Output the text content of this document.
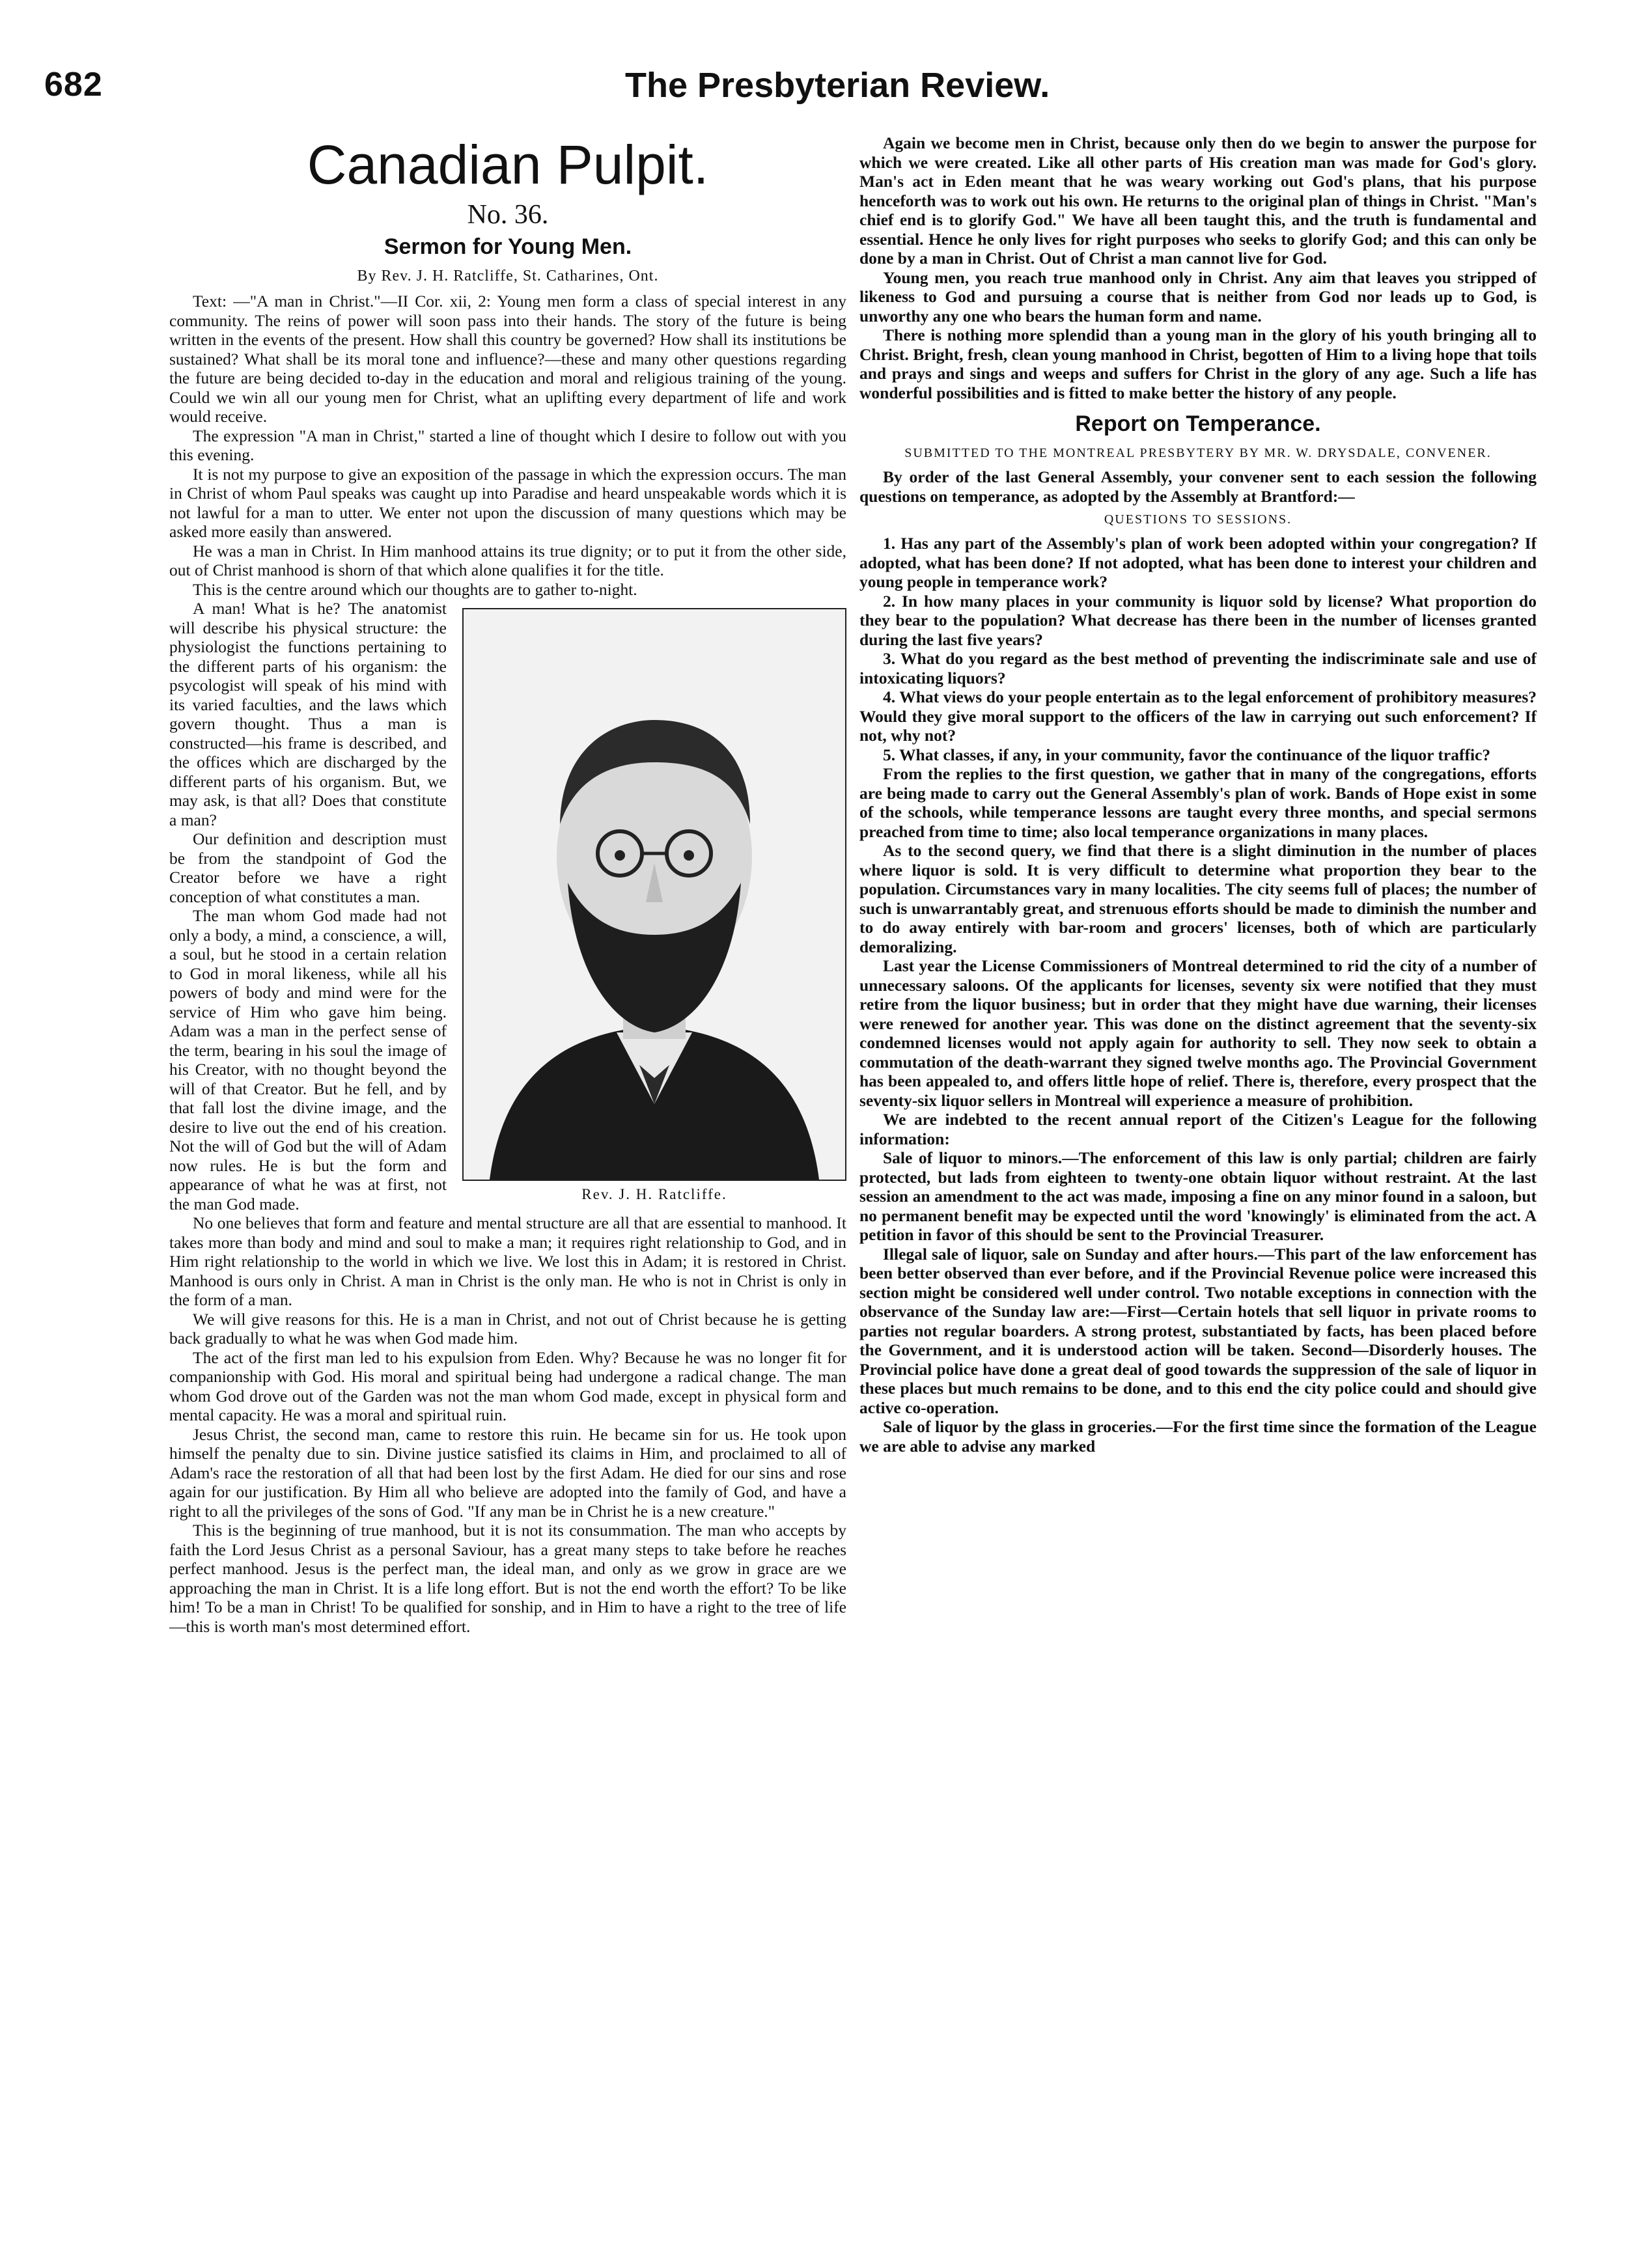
682	The Presbyterian Review.
Canadian Pulpit.
No. 36.
Sermon for Young Men.
By Rev. J. H. Ratcliffe, St. Catharines, Ont.

Text: —"A man in Christ."—II Cor. xii, 2: Young men form a class of special interest in any community. The reins of power will soon pass into their hands. The story of the future is being written in the events of the present. How shall this country be governed? How shall its institutions be sustained? What shall be its moral tone and influence?—these and many other questions regarding the future are being decided to-day in the education and moral and religious training of the young. Could we win all our young men for Christ, what an uplifting every department of life and work would receive.

The expression "A man in Christ," started a line of thought which I desire to follow out with you this evening.

It is not my purpose to give an exposition of the passage in which the expression occurs. The man in Christ of whom Paul speaks was caught up into Paradise and heard unspeakable words which it is not lawful for a man to utter. We enter not upon the discussion of many questions which may be asked more easily than answered.

He was a man in Christ. In Him manhood attains its true dignity; or to put it from the other side, out of Christ manhood is shorn of that which alone qualifies it for the title.

This is the centre around which our thoughts are to gather to-night.

Rev. J. H. Ratcliffe.

A man! What is he? The anatomist will describe his physical structure: the physiologist the functions pertaining to the different parts of his organism: the psycologist will speak of his mind with its varied faculties, and the laws which govern thought. Thus a man is constructed—his frame is described, and the offices which are discharged by the different parts of his organism. But, we may ask, is that all? Does that constitute a man?

Our definition and description must be from the standpoint of God the Creator before we have a right conception of what constitutes a man.

The man whom God made had not only a body, a mind, a conscience, a will, a soul, but he stood in a certain relation to God in moral likeness, while all his powers of body and mind were for the service of Him who gave him being. Adam was a man in the perfect sense of the term, bearing in his soul the image of his Creator, with no thought beyond the will of that Creator. But he fell, and by that fall lost the divine image, and the desire to live out the end of his creation. Not the will of God but the will of Adam now rules. He is but the form and appearance of what he was at first, not the man God made.

No one believes that form and feature and mental structure are all that are essential to manhood. It takes more than body and mind and soul to make a man; it requires right relationship to God, and in Him right relationship to the world in which we live. We lost this in Adam; it is restored in Christ. Manhood is ours only in Christ. A man in Christ is the only man. He who is not in Christ is only in the form of a man.

We will give reasons for this. He is a man in Christ, and not out of Christ because he is getting back gradually to what he was when God made him.

The act of the first man led to his expulsion from Eden. Why? Because he was no longer fit for companionship with God. His moral and spiritual being had undergone a radical change. The man whom God drove out of the Garden was not the man whom God made, except in physical form and mental capacity. He was a moral and spiritual ruin.

Jesus Christ, the second man, came to restore this ruin. He became sin for us. He took upon himself the penalty due to sin. Divine justice satisfied its claims in Him, and proclaimed to all of Adam's race the restoration of all that had been lost by the first Adam. He died for our sins and rose again for our justification. By Him all who believe are adopted into the family of God, and have a right to all the privileges of the sons of God. "If any man be in Christ he is a new creature."

This is the beginning of true manhood, but it is not its consummation. The man who accepts by faith the Lord Jesus Christ as a personal Saviour, has a great many steps to take before he reaches perfect manhood. Jesus is the perfect man, the ideal man, and only as we grow in grace are we approaching the man in Christ. It is a life long effort. But is not the end worth the effort? To be like him! To be a man in Christ! To be qualified for sonship, and in Him to have a right to the tree of life—this is worth man's most determined effort.

Again we become men in Christ, because only then do we begin to answer the purpose for which we were created. Like all other parts of His creation man was made for God's glory. Man's act in Eden meant that he was weary working out God's plans, that his purpose henceforth was to work out his own. He returns to the original plan of things in Christ. "Man's chief end is to glorify God." We have all been taught this, and the truth is fundamental and essential. Hence he only lives for right purposes who seeks to glorify God; and this can only be done by a man in Christ. Out of Christ a man cannot live for God.

Young men, you reach true manhood only in Christ. Any aim that leaves you stripped of likeness to God and pursuing a course that is neither from God nor leads up to God, is unworthy any one who bears the human form and name.

There is nothing more splendid than a young man in the glory of his youth bringing all to Christ. Bright, fresh, clean young manhood in Christ, begotten of Him to a living hope that toils and prays and sings and weeps and suffers for Christ in the glory of any age. Such a life has wonderful possibilities and is fitted to make better the history of any people.

Report on Temperance.
SUBMITTED TO THE MONTREAL PRESBYTERY BY MR. W. DRYSDALE, CONVENER.

By order of the last General Assembly, your convener sent to each session the following questions on temperance, as adopted by the Assembly at Brantford:—

QUESTIONS TO SESSIONS.

1. Has any part of the Assembly's plan of work been adopted within your congregation? If adopted, what has been done? If not adopted, what has been done to interest your children and young people in temperance work?

2. In how many places in your community is liquor sold by license? What proportion do they bear to the population? What decrease has there been in the number of licenses granted during the last five years?

3. What do you regard as the best method of preventing the indiscriminate sale and use of intoxicating liquors?

4. What views do your people entertain as to the legal enforcement of prohibitory measures? Would they give moral support to the officers of the law in carrying out such enforcement? If not, why not?

5. What classes, if any, in your community, favor the continuance of the liquor traffic?

From the replies to the first question, we gather that in many of the congregations, efforts are being made to carry out the General Assembly's plan of work. Bands of Hope exist in some of the schools, while temperance lessons are taught every three months, and special sermons preached from time to time; also local temperance organizations in many places.

As to the second query, we find that there is a slight diminution in the number of places where liquor is sold. It is very difficult to determine what proportion they bear to the population. Circumstances vary in many localities. The city seems full of places; the number of such is unwarrantably great, and strenuous efforts should be made to diminish the number and to do away entirely with bar-room and grocers' licenses, both of which are particularly demoralizing.

Last year the License Commissioners of Montreal determined to rid the city of a number of unnecessary saloons. Of the applicants for licenses, seventy six were notified that they must retire from the liquor business; but in order that they might have due warning, their licenses were renewed for another year. This was done on the distinct agreement that the seventy-six condemned licenses would not apply again for authority to sell. They now seek to obtain a commutation of the death-warrant they signed twelve months ago. The Provincial Government has been appealed to, and offers little hope of relief. There is, therefore, every prospect that the seventy-six liquor sellers in Montreal will experience a measure of prohibition.

We are indebted to the recent annual report of the Citizen's League for the following information:

Sale of liquor to minors.—The enforcement of this law is only partial; children are fairly protected, but lads from eighteen to twenty-one obtain liquor without restraint. At the last session an amendment to the act was made, imposing a fine on any minor found in a saloon, but no permanent benefit may be expected until the word 'knowingly' is eliminated from the act. A petition in favor of this should be sent to the Provincial Treasurer.

Illegal sale of liquor, sale on Sunday and after hours.—This part of the law enforcement has been better observed than ever before, and if the Provincial Revenue police were increased this section might be considered well under control. Two notable exceptions in connection with the observance of the Sunday law are:—First—Certain hotels that sell liquor in private rooms to parties not regular boarders. A strong protest, substantiated by facts, has been placed before the Government, and it is understood action will be taken. Second—Disorderly houses. The Provincial police have done a great deal of good towards the suppression of the sale of liquor in these places but much remains to be done, and to this end the city police could and should give active co-operation.

Sale of liquor by the glass in groceries.—For the first time since the formation of the League we are able to advise any marked
